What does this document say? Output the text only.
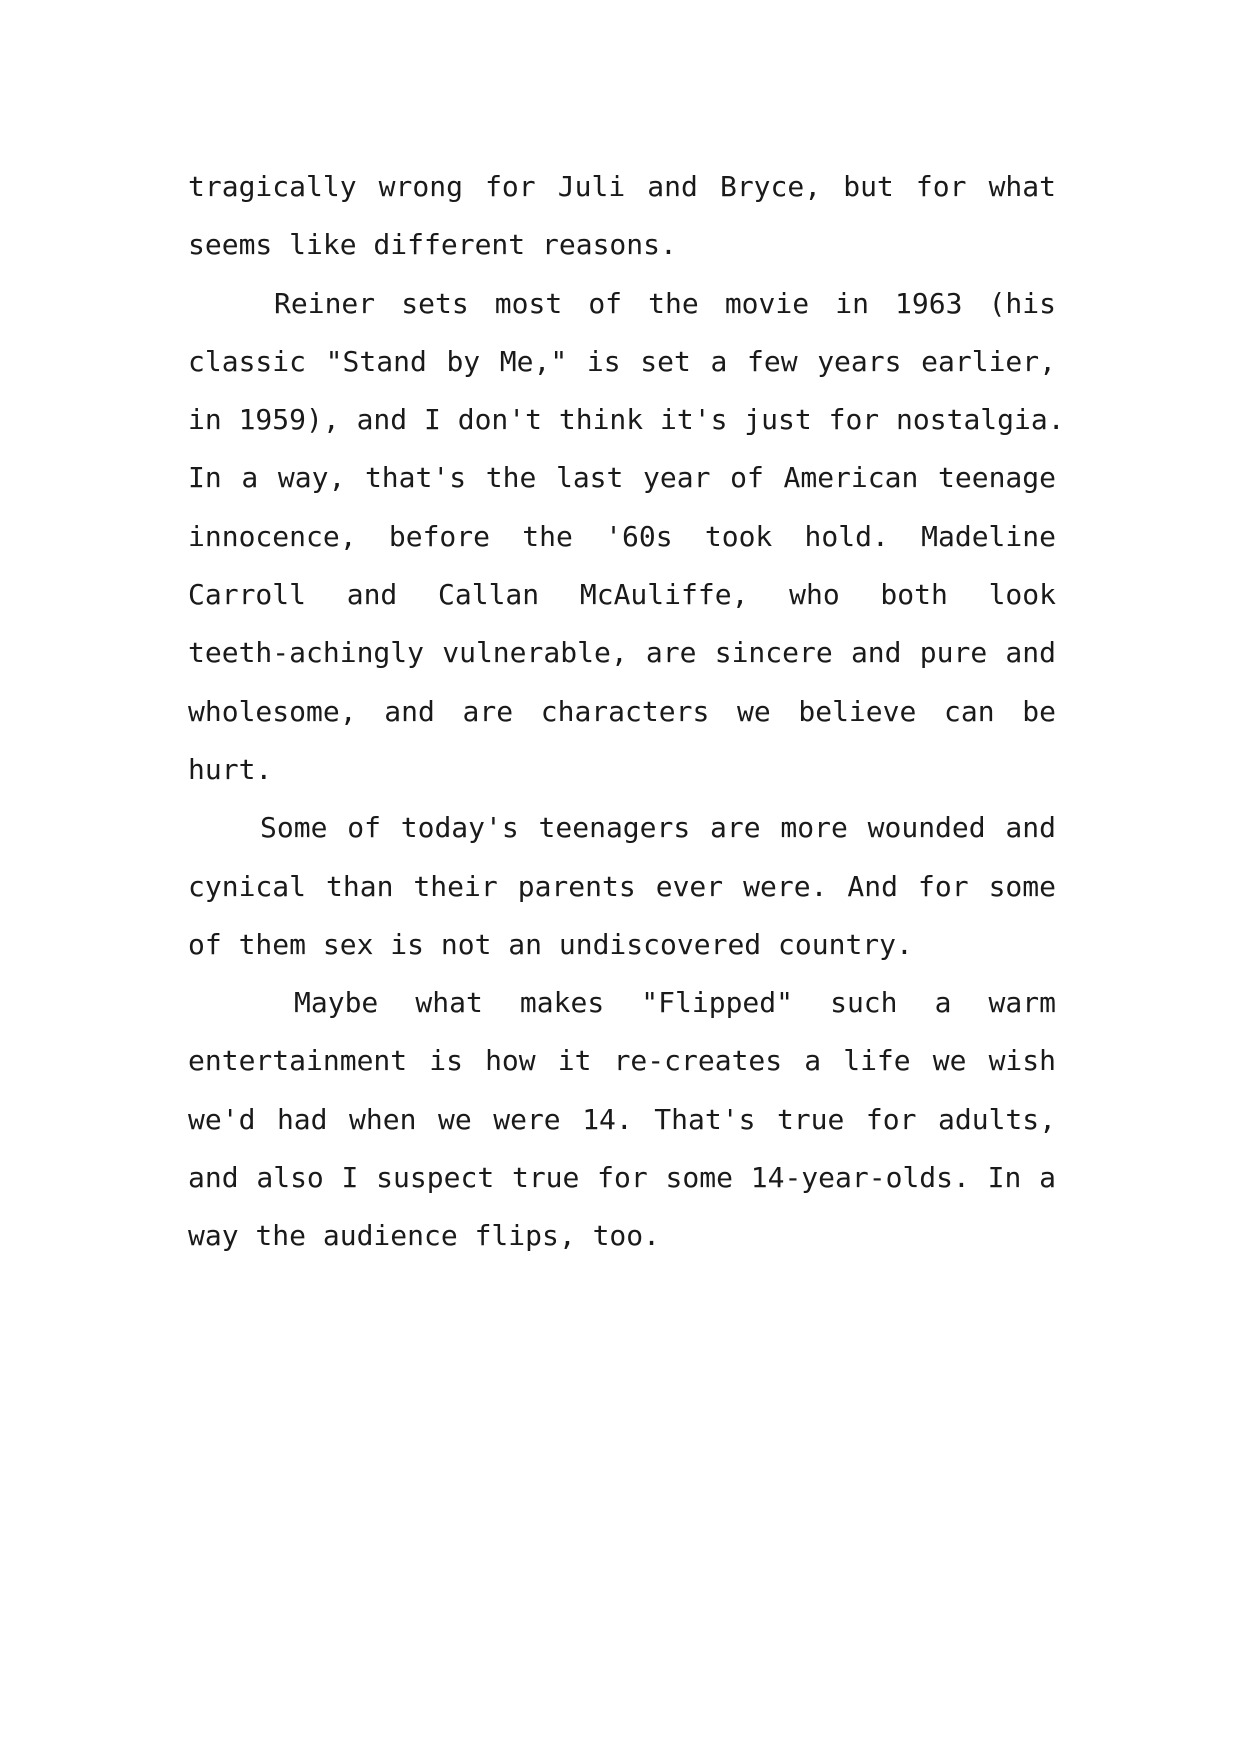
tragically wrong for Juli and Bryce, but for what
seems like different reasons.
Reiner sets most of the movie in 1963 (his
classic "Stand by Me," is set a few years earlier,
in 1959), and I don't think it's just for nostalgia.
In a way, that's the last year of American teenage
innocence, before the '60s took hold. Madeline
Carroll and Callan McAuliffe, who both look
teeth-achingly vulnerable, are sincere and pure and
wholesome, and are characters we believe can be
hurt.
Some of today's teenagers are more wounded and
cynical than their parents ever were. And for some
of them sex is not an undiscovered country.
Maybe what makes "Flipped" such a warm
entertainment is how it re-creates a life we wish
we'd had when we were 14. That's true for adults,
and also I suspect true for some 14-year-olds. In a
way the audience flips, too.
